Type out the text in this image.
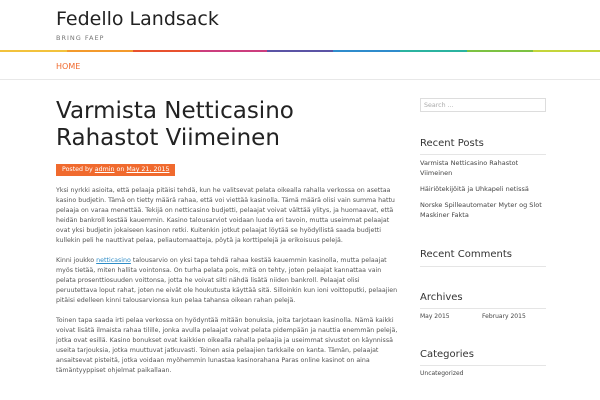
Fedello Landsack
BRING FAEP
HOME
Varmista Netticasino Rahastot Viimeinen
Posted by admin on May 21, 2015

Yksi nyrkki asioita, että pelaaja pitäisi tehdä, kun he valitsevat pelata oikealla rahalla verkossa on asettaa kasino budjetin. Tämä on tietty määrä rahaa, että voi viettää kasinolla. Tämä määrä olisi vain summa hattu pelaaja on varaa menettää. Tekijä on netticasino budjetti, pelaajat voivat välttää ylitys, ja huomaavat, että heidän bankroll kestää kauemmin. Kasino talousarviot voidaan luoda eri tavoin, mutta useimmat pelaajat ovat yksi budjetin jokaiseen kasinon retki. Kuitenkin jotkut pelaajat löytää se hyödyllistä saada budjetti kullekin peli he nauttivat pelaa, peliautomaatteja, pöytä ja korttipelejä ja erikoisuus pelejä.

Kinni joukko netticasino talousarvio on yksi tapa tehdä rahaa kestää kauemmin kasinolla, mutta pelaajat myös tietää, miten hallita vointonsa. On turha pelata pois, mitä on tehty, joten pelaajat kannattaa vain pelata prosenttiosuuden voittonsa, jotta he voivat silti nähdä lisätä niiden bankroll. Pelaajat olisi peruutettava loput rahat, joten ne eivät ole houkutusta käyttää sitä. Silloinkin kun ioni voittoputki, pelaajien pitäisi edelleen kinni talousarvionsa kun pelaa tahansa oikean rahan pelejä.

Toinen tapa saada irti pelaa verkossa on hyödyntää mitään bonuksia, joita tarjotaan kasinolla. Nämä kaikki voivat lisätä ilmaista rahaa tilille, jonka avulla pelaajat voivat pelata pidempään ja nauttia enemmän pelejä, jotka ovat esillä. Kasino bonukset ovat kaikkien oikealla rahalla pelaajia ja useimmat sivustot on käynnissä useita tarjouksia, jotka muuttuvat jatkuvasti. Toinen asia pelaajien tarkkaile on kanta. Tämän, pelaajat ansaitsevat pisteitä, jotka voidaan myöhemmin lunastaa kasinorahana Paras online kasinot on aina tämäntyyppiset ohjelmat paikallaan.

Search ...
Recent Posts
Varmista Netticasino Rahastot Viimeinen
Häiriötekijöitä ja Uhkapeli netissä
Norske Spilleautomater Myter og Slot Maskiner Fakta
Recent Comments
Archives
May 2015	February 2015
Categories
Uncategorized
